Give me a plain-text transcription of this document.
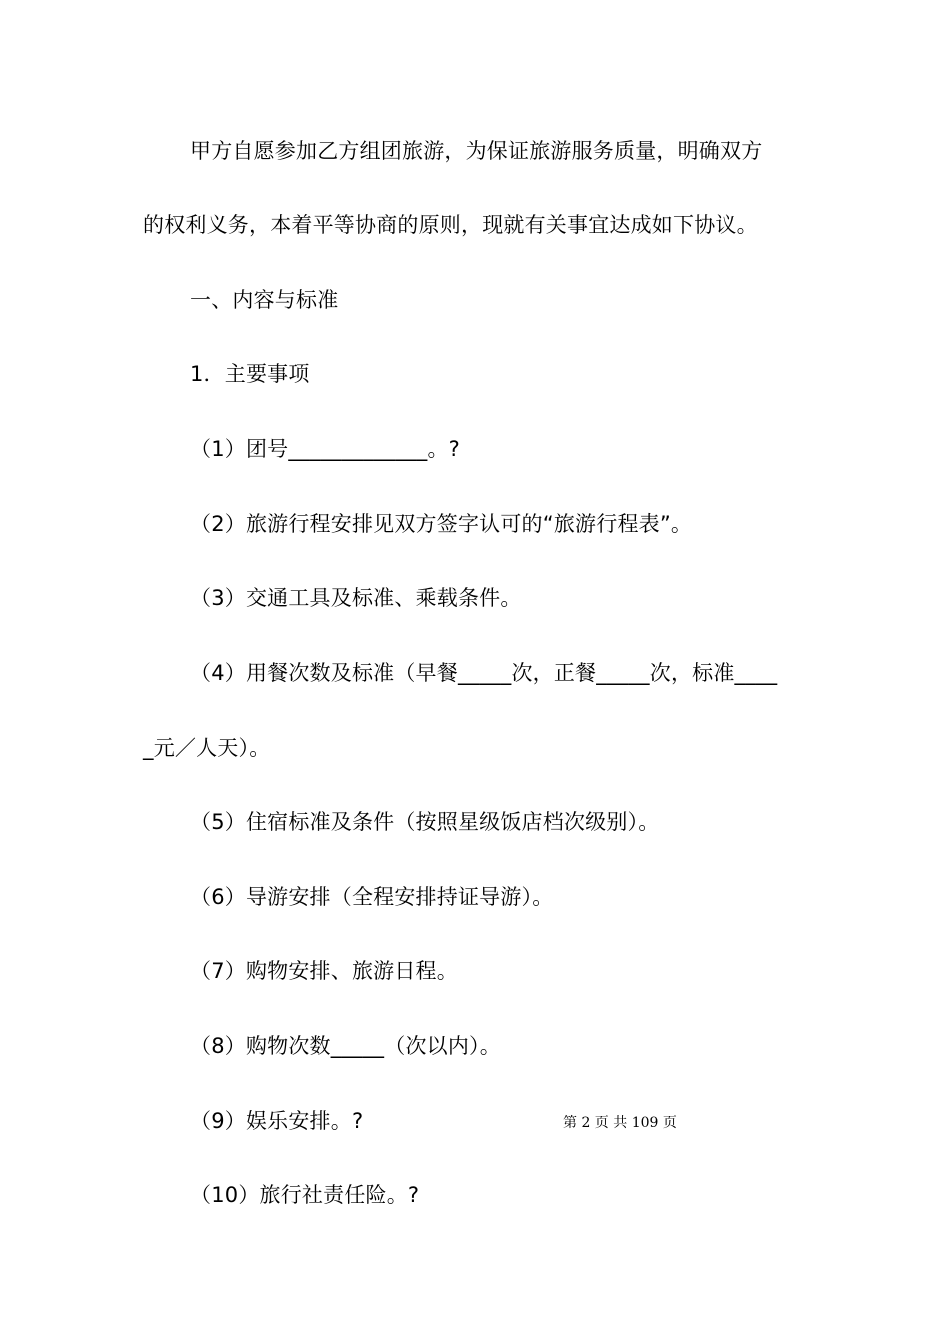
甲方自愿参加乙方组团旅游，为保证旅游服务质量，明确双方
的权利义务，本着平等协商的原则，现就有关事宜达成如下协议。
一、内容与标准
1．主要事项
（1）团号_____________。?
（2）旅游行程安排见双方签字认可的“旅游行程表”。
（3）交通工具及标准、乘载条件。
（4）用餐次数及标准（早餐_____次，正餐_____次，标准____
_元／人天）。
（5）住宿标准及条件（按照星级饭店档次级别）。
（6）导游安排（全程安排持证导游）。
（7）购物安排、旅游日程。
（8）购物次数_____（次以内）。
（9）娱乐安排。?
（10）旅行社责任险。?
第 2 页 共 109 页
